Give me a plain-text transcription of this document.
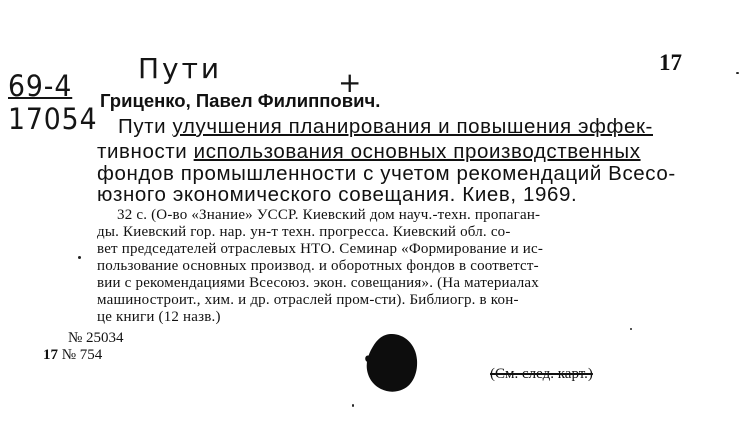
69-4
17054
Пути	+
17
Гриценко, Павел Филиппович.
Пути улучшения планирования и повышения эффек-
тивности использования основных производственных
фондов промышленности с учетом рекомендаций Всесо-
юзного экономического совещания. Киев, 1969.
32 с. (О-во «Знание» УССР. Киевский дом науч.-техн. пропаган-
ды. Киевский гор. нар. ун-т техн. прогресса. Киевский обл. со-
вет председателей отраслевых НТО. Семинар «Формирование и ис-
пользование основных производ. и оборотных фондов в соответст-
вии с рекомендациями Всесоюз. экон. совещания». (На материалах
машиностроит., хим. и др. отраслей пром-сти). Библиогр. в кон-
це книги (12 назв.)
№ 25034
17 № 754
(См. след. карт.)
